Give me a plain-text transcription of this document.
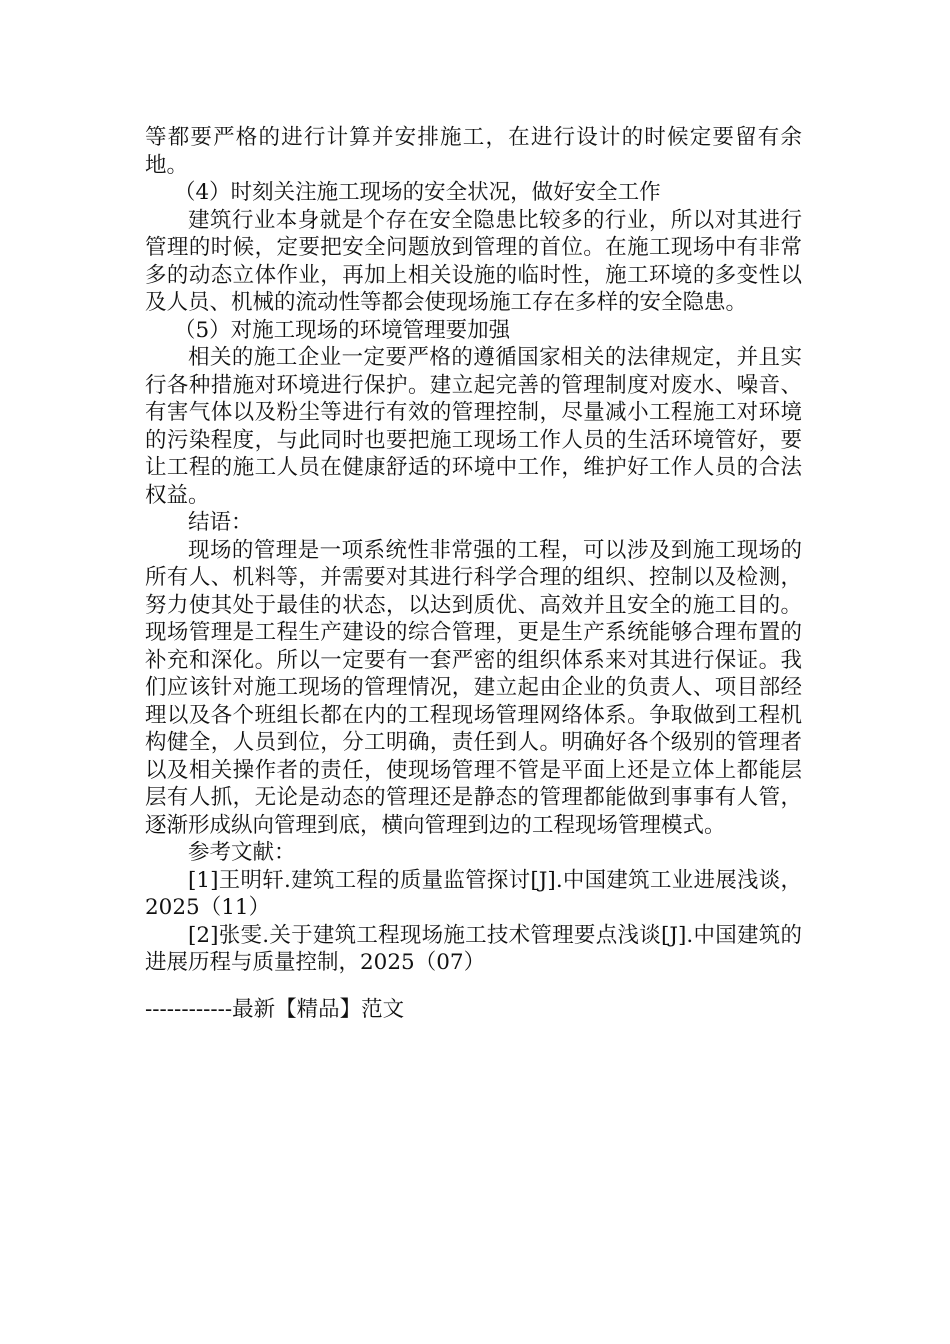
等都要严格的进行计算并安排施工，在进行设计的时候定要留有余地。

（4）时刻关注施工现场的安全状况，做好安全工作

建筑行业本身就是个存在安全隐患比较多的行业，所以对其进行管理的时候，定要把安全问题放到管理的首位。在施工现场中有非常多的动态立体作业，再加上相关设施的临时性，施工环境的多变性以及人员、机械的流动性等都会使现场施工存在多样的安全隐患。

（5）对施工现场的环境管理要加强

相关的施工企业一定要严格的遵循国家相关的法律规定，并且实行各种措施对环境进行保护。建立起完善的管理制度对废水、噪音、有害气体以及粉尘等进行有效的管理控制，尽量减小工程施工对环境的污染程度，与此同时也要把施工现场工作人员的生活环境管好，要让工程的施工人员在健康舒适的环境中工作，维护好工作人员的合法权益。

结语：

现场的管理是一项系统性非常强的工程，可以涉及到施工现场的所有人、机料等，并需要对其进行科学合理的组织、控制以及检测，努力使其处于最佳的状态，以达到质优、高效并且安全的施工目的。现场管理是工程生产建设的综合管理，更是生产系统能够合理布置的补充和深化。所以一定要有一套严密的组织体系来对其进行保证。我们应该针对施工现场的管理情况，建立起由企业的负责人、项目部经理以及各个班组长都在内的工程现场管理网络体系。争取做到工程机构健全，人员到位，分工明确，责任到人。明确好各个级别的管理者以及相关操作者的责任，使现场管理不管是平面上还是立体上都能层层有人抓，无论是动态的管理还是静态的管理都能做到事事有人管，逐渐形成纵向管理到底，横向管理到边的工程现场管理模式。

参考文献：

[1]王明轩.建筑工程的质量监管探讨[J].中国建筑工业进展浅谈，2025（11）

[2]张雯.关于建筑工程现场施工技术管理要点浅谈[J].中国建筑的进展历程与质量控制，2025（07）

------------最新【精品】范文
